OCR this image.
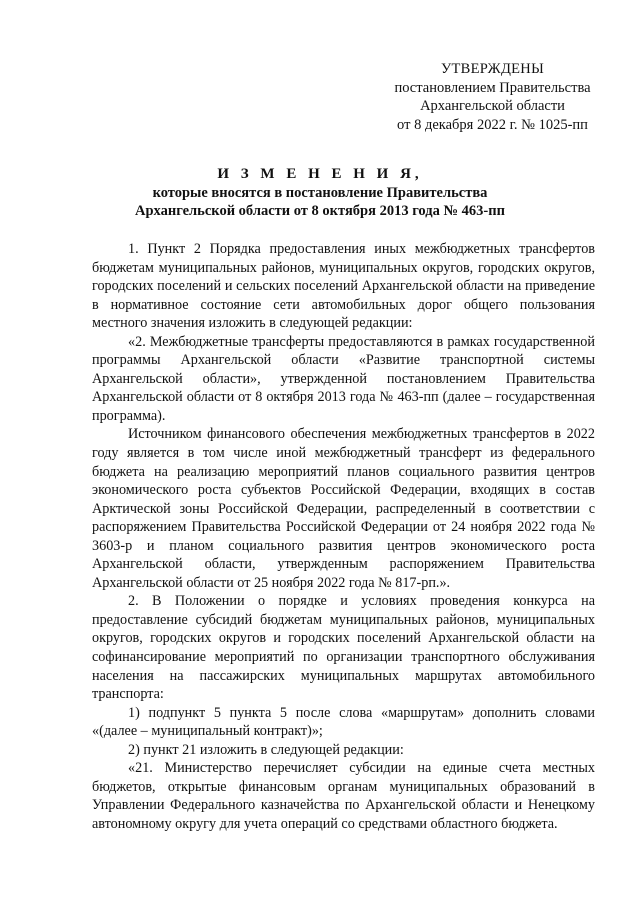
УТВЕРЖДЕНЫ
постановлением Правительства
Архангельской области
от 8 декабря 2022 г. № 1025-пп
И З М Е Н Е Н И Я,
которые вносятся в постановление Правительства
Архангельской области от 8 октября 2013 года № 463-пп

1. Пункт 2 Порядка предоставления иных межбюджетных трансфертов бюджетам муниципальных районов, муниципальных округов, городских округов, городских поселений и сельских поселений Архангельской области на приведение в нормативное состояние сети автомобильных дорог общего пользования местного значения изложить в следующей редакции:

«2. Межбюджетные трансферты предоставляются в рамках государственной программы Архангельской области «Развитие транспортной системы Архангельской области», утвержденной постановлением Правительства Архангельской области от 8 октября 2013 года № 463-пп (далее – государственная программа).

Источником финансового обеспечения межбюджетных трансфертов в 2022 году является в том числе иной межбюджетный трансферт из федерального бюджета на реализацию мероприятий планов социального развития центров экономического роста субъектов Российской Федерации, входящих в состав Арктической зоны Российской Федерации, распределенный в соответствии с распоряжением Правительства Российской Федерации от 24 ноября 2022 года № 3603-р и планом социального развития центров экономического роста Архангельской области, утвержденным распоряжением Правительства Архангельской области от 25 ноября 2022 года № 817-рп.».

2. В Положении о порядке и условиях проведения конкурса на предоставление субсидий бюджетам муниципальных районов, муниципальных округов, городских округов и городских поселений Архангельской области на софинансирование мероприятий по организации транспортного обслуживания населения на пассажирских муниципальных маршрутах автомобильного транспорта:

1) подпункт 5 пункта 5 после слова «маршрутам» дополнить словами «(далее – муниципальный контракт)»;

2) пункт 21 изложить в следующей редакции:

«21. Министерство перечисляет субсидии на единые счета местных бюджетов, открытые финансовым органам муниципальных образований в Управлении Федерального казначейства по Архангельской области и Ненецкому автономному округу для учета операций со средствами областного бюджета.
